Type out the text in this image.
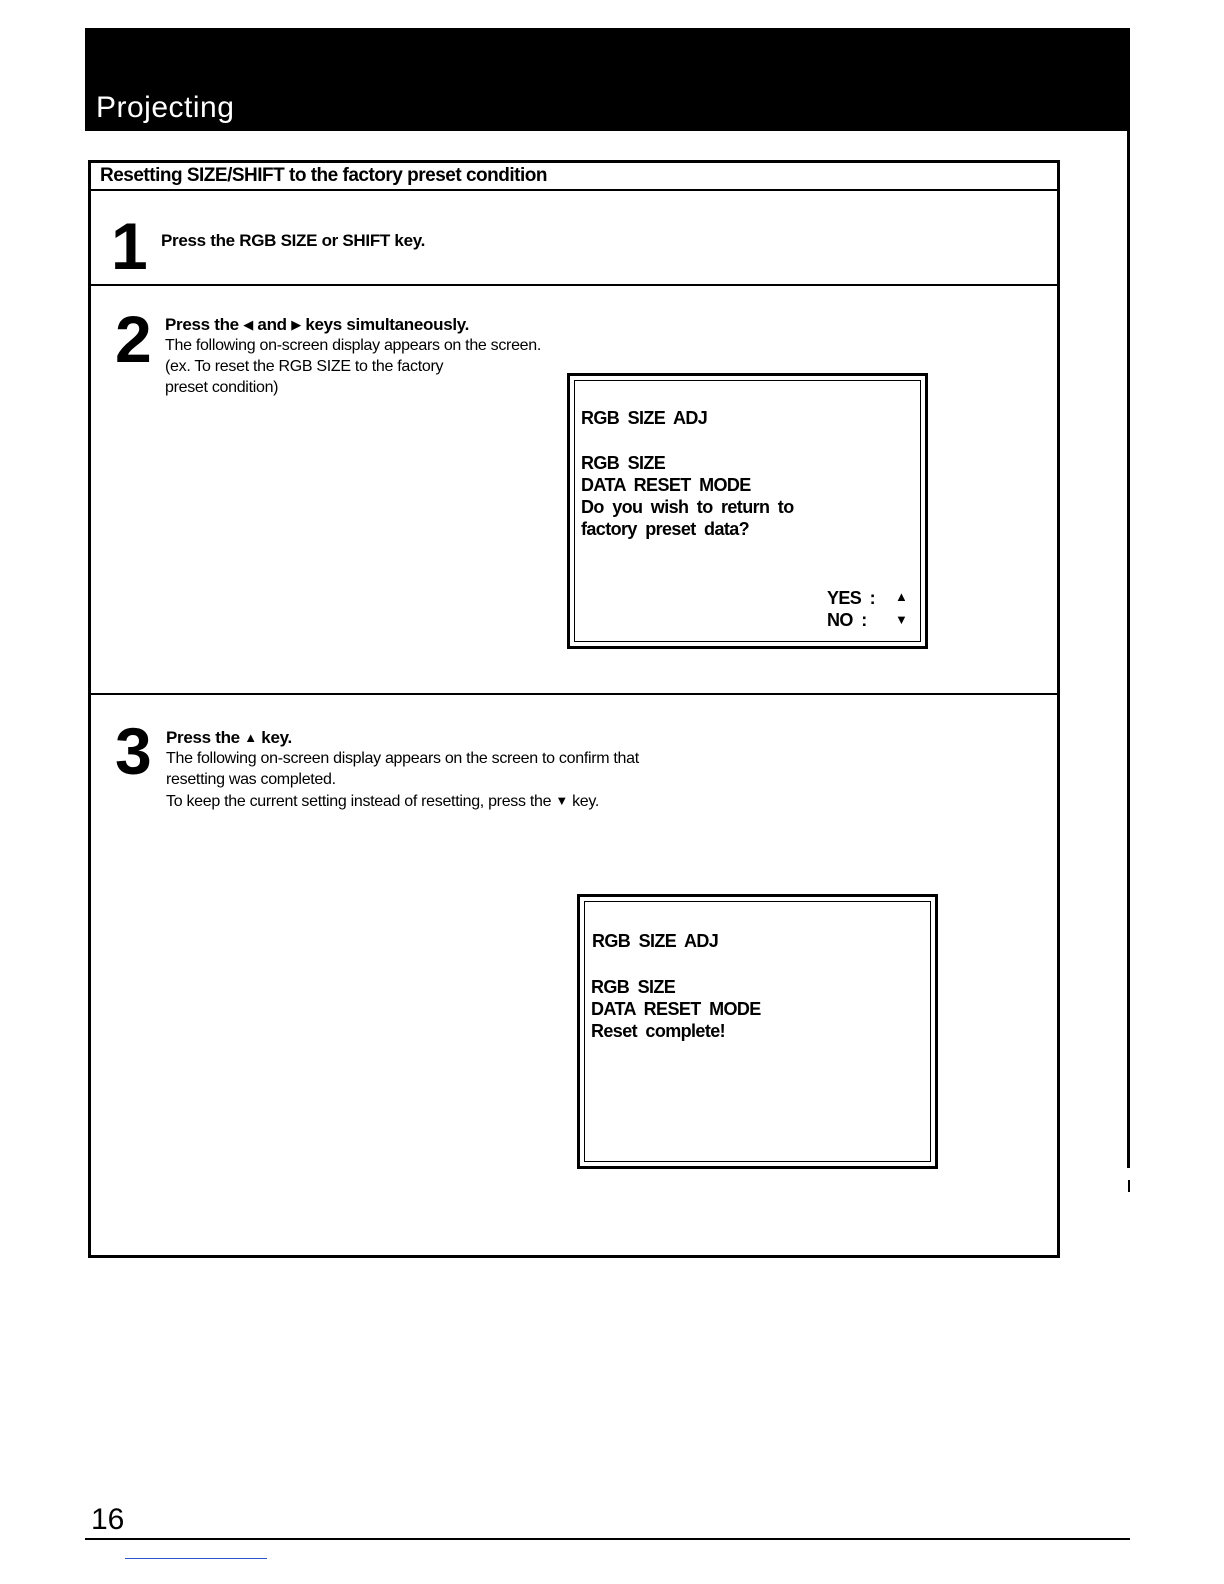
Projecting
Resetting SIZE/SHIFT to the factory preset condition
1 Press the RGB SIZE or SHIFT key.
2 Press the ◀ and ▶ keys simultaneously.
The following on-screen display appears on the screen.
(ex. To reset the RGB SIZE to the factory
preset condition)
RGB SIZE ADJ
RGB SIZE
DATA RESET MODE
Do you wish to return to
factory preset data?
YES : ▲
NO : ▼
3 Press the ▲ key.
The following on-screen display appears on the screen to confirm that
resetting was completed.
To keep the current setting instead of resetting, press the ▼ key.
RGB SIZE ADJ
RGB SIZE
DATA RESET MODE
Reset complete!
16
